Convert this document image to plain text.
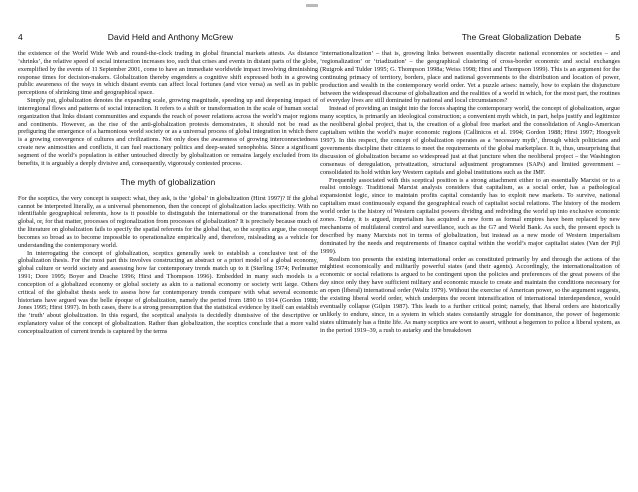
4	David Held and Anthony McGrew

the existence of the World Wide Web and round-the-clock trading in global financial markets attests. As distance ‘shrinks’, the relative speed of social interaction increases too, such that crises and events in distant parts of the globe, exemplified by the events of 11 September 2001, come to have an immediate worldwide impact involving diminishing response times for decision-makers. Globalization thereby engenders a cognitive shift expressed both in a growing public awareness of the ways in which distant events can affect local fortunes (and vice versa) as well as in public perceptions of shrinking time and geographical space.

Simply put, globalization denotes the expanding scale, growing magnitude, speeding up and deepening impact of interregional flows and patterns of social interaction. It refers to a shift or transformation in the scale of human social organization that links distant communities and expands the reach of power relations across the world’s major regions and continents. However, as the rise of the anti-globalization protests demonstrates, it should not be read as prefiguring the emergence of a harmonious world society or as a universal process of global integration in which there is a growing convergence of cultures and civilizations. Not only does the awareness of growing interconnectedness create new animosities and conflicts, it can fuel reactionary politics and deep-seated xenophobia. Since a significant segment of the world’s population is either untouched directly by globalization or remains largely excluded from its benefits, it is arguably a deeply divisive and, consequently, vigorously contested process.

The myth of globalization

For the sceptics, the very concept is suspect: what, they ask, is the ‘global’ in globalization (Hirst 1997)? If the global cannot be interpreted literally, as a universal phenomenon, then the concept of globalization lacks specificity. With no identifiable geographical referents, how is it possible to distinguish the international or the transnational from the global, or, for that matter, processes of regionalization from processes of globalization? It is precisely because much of the literature on globalization fails to specify the spatial referents for the global that, so the sceptics argue, the concept becomes so broad as to become impossible to operationalize empirically and, therefore, misleading as a vehicle for understanding the contemporary world.

In interrogating the concept of globalization, sceptics generally seek to establish a conclusive test of the globalization thesis. For the most part this involves constructing an abstract or a priori model of a global economy, global culture or world society and assessing how far contemporary trends match up to it (Sterling 1974; Perlmutter 1991; Dore 1995; Boyer and Drache 1996; Hirst and Thompson 1996). Embedded in many such models is a conception of a globalized economy or global society as akin to a national economy or society writ large. Others critical of the globalist thesis seek to assess how far contemporary trends compare with what several economic historians have argued was the belle époque of globalization, namely the period from 1890 to 1914 (Gordon 1988; Jones 1995; Hirst 1997). In both cases, there is a strong presumption that the statistical evidence by itself can establish the ‘truth’ about globalization. In this regard, the sceptical analysis is decidedly dismissive of the descriptive or explanatory value of the concept of globalization. Rather than globalization, the sceptics conclude that a more valid conceptualization of current trends is captured by the terms

The Great Globalization Debate	5

‘internationalization’ – that is, growing links between essentially discrete national economies or societies – and ‘regionalization’ or ‘triadization’ – the geographical clustering of cross-border economic and social exchanges (Ruigrok and Tulder 1995; G. Thompson 1998a; Weiss 1998; Hirst and Thompson 1999). This is an argument for the continuing primacy of territory, borders, place and national governments to the distribution and location of power, production and wealth in the contemporary world order. Yet a puzzle arises: namely, how to explain the disjuncture between the widespread discourse of globalization and the realities of a world in which, for the most part, the routines of everyday lives are still dominated by national and local circumstances?

Instead of providing an insight into the forces shaping the contemporary world, the concept of globalization, argue many sceptics, is primarily an ideological construction; a convenient myth which, in part, helps justify and legitimize the neoliberal global project, that is, the creation of a global free market and the consolidation of Anglo-American capitalism within the world’s major economic regions (Callinicos et al. 1994; Gordon 1988; Hirst 1997; Hoogvelt 1997). In this respect, the concept of globalization operates as a ‘necessary myth’, through which politicians and governments discipline their citizens to meet the requirements of the global marketplace. It is, thus, unsurprising that discussion of globalization became so widespread just at that juncture when the neoliberal project – the Washington consensus of deregulation, privatization, structural adjustment programmes (SAPs) and limited government – consolidated its hold within key Western capitals and global institutions such as the IMF.

Frequently associated with this sceptical position is a strong attachment either to an essentially Marxist or to a realist ontology. Traditional Marxist analysis considers that capitalism, as a social order, has a pathological expansionist logic, since to maintain profits capital constantly has to exploit new markets. To survive, national capitalism must continuously expand the geographical reach of capitalist social relations. The history of the modern world order is the history of Western capitalist powers dividing and redividing the world up into exclusive economic zones. Today, it is argued, imperialism has acquired a new form as formal empires have been replaced by new mechanisms of multilateral control and surveillance, such as the G7 and World Bank. As such, the present epoch is described by many Marxists not in terms of globalization, but instead as a new mode of Western imperialism dominated by the needs and requirements of finance capital within the world’s major capitalist states (Van der Pijl 1999).

Realism too presents the existing international order as constituted primarily by and through the actions of the mightiest economically and militarily powerful states (and their agents). Accordingly, the internationalization of economic or social relations is argued to be contingent upon the policies and preferences of the great powers of the day since only they have sufficient military and economic muscle to create and maintain the conditions necessary for an open (liberal) international order (Waltz 1979). Without the exercise of American power, so the argument suggests, the existing liberal world order, which underpins the recent intensification of international interdependence, would eventually collapse (Gilpin 1987). This leads to a further critical point; namely, that liberal orders are historically unlikely to endure, since, in a system in which states constantly struggle for dominance, the power of hegemonic states ultimately has a finite life. As many sceptics are wont to assert, without a hegemon to police a liberal system, as in the period 1919–39, a rush to autarky and the breakdown
